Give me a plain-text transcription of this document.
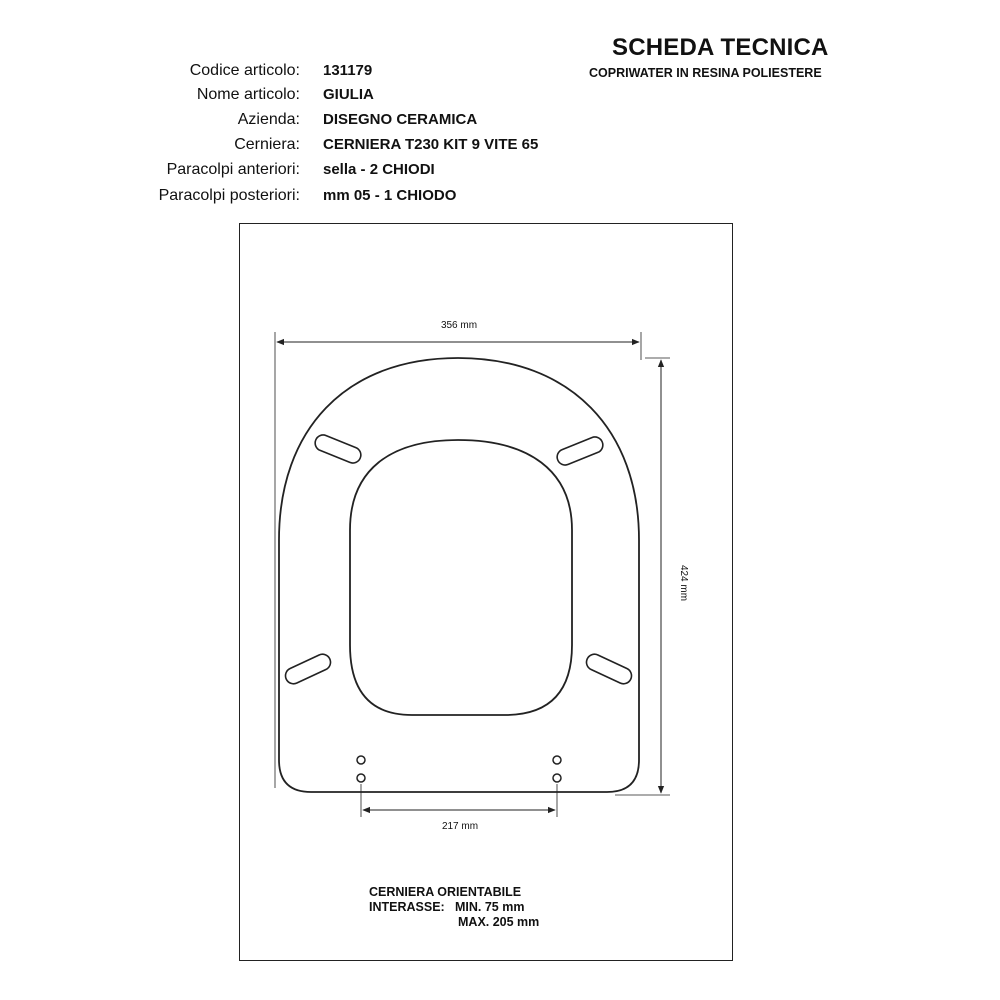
SCHEDA TECNICA
COPRIWATER IN RESINA POLIESTERE
Codice articolo: 131179
Nome articolo: GIULIA
Azienda: DISEGNO CERAMICA
Cerniera: CERNIERA T230 KIT 9 VITE 65
Paracolpi anteriori: sella - 2 CHIODI
Paracolpi posteriori: mm 05 - 1 CHIODO
356 mm
424 mm
217 mm
CERNIERA ORIENTABILE
INTERASSE: MIN. 75 mm
MAX. 205 mm
